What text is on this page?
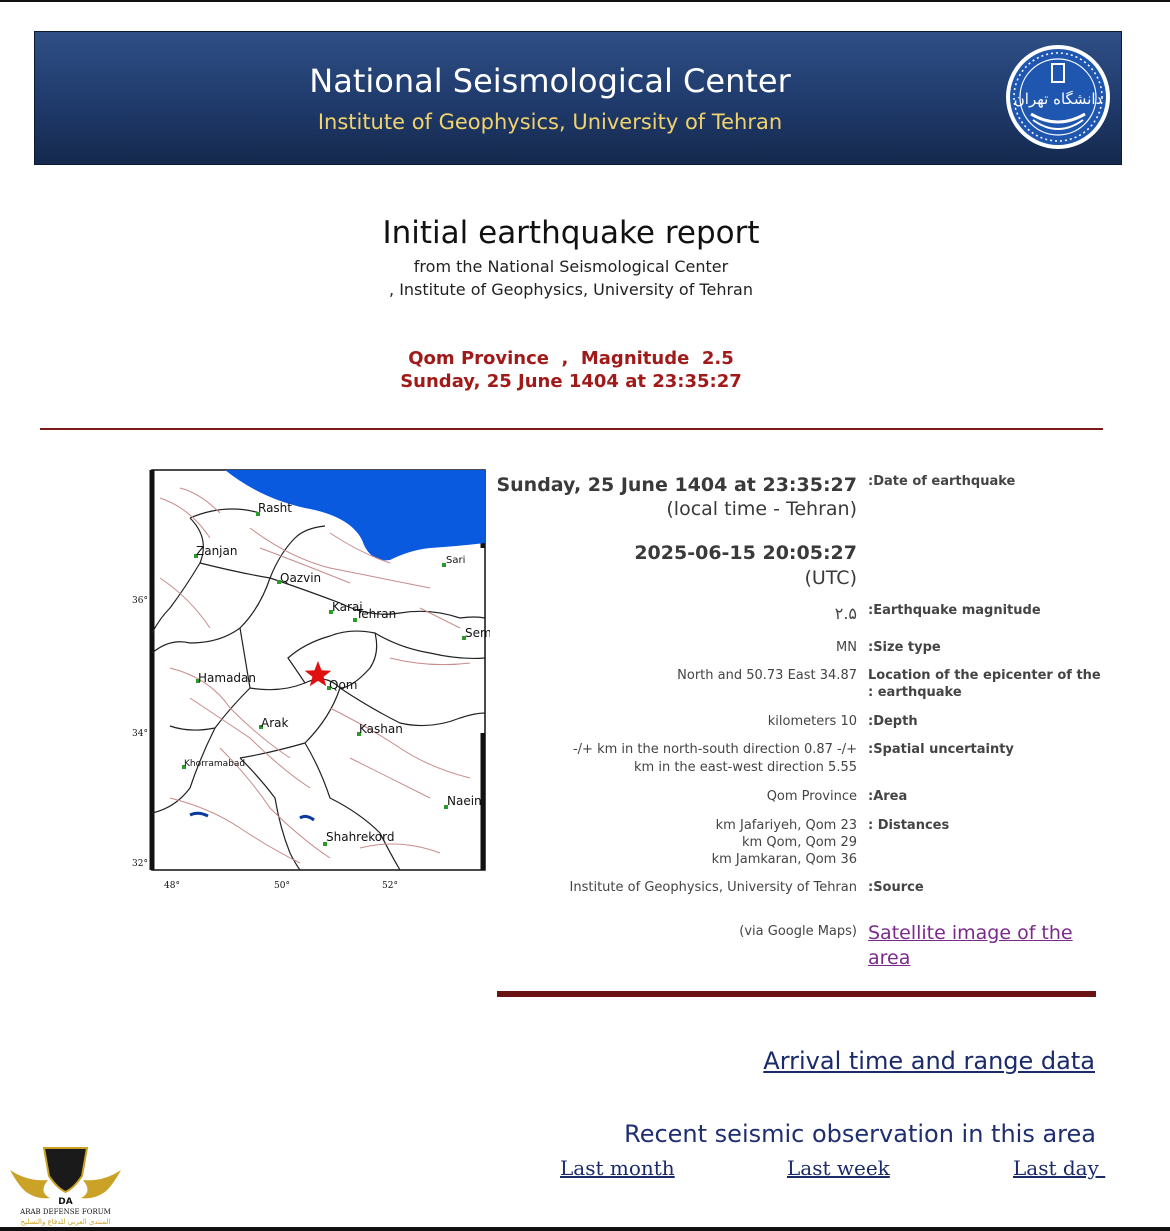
National Seismological Center
Institute of Geophysics, University of Tehran
دانشگاه تهران
Initial earthquake report
from the National Seismological Center
, Institute of Geophysics, University of Tehran
Qom Province  ,  Magnitude  2.5
Sunday, 25 June 1404 at 23:35:27
Rasht
Zanjan
Qazvin
Karaj
Tehran
Sari
Sem
Hamadan	Qom
Arak	Kashan
Khorramabad
Naein
Shahrekord
36°
34°
32°
48°	50°	52°
Sunday, 25 June 1404 at 23:35:27
(local time - Tehran)
:Date of earthquake
2025-06-15 20:05:27
(UTC)
۲.۵ :Earthquake magnitude
MN :Size type
North and 50.73 East 34.87 Location of the epicenter of the
: earthquake
kilometers 10 :Depth
-/+ km in the north-south direction 0.87 -/+
km in the east-west direction 5.55
:Spatial uncertainty
Qom Province :Area
km Jafariyeh, Qom 23
km Qom, Qom 29
km Jamkaran, Qom 36
: Distances
Institute of Geophysics, University of Tehran :Source
(via Google Maps) Satellite image of the
area
Arrival time and range data
Recent seismic observation in this area
Last month	Last week	Last day
DA
ARAB DEFENSE FORUM
المنتدى العربي للدفاع والتسليح
